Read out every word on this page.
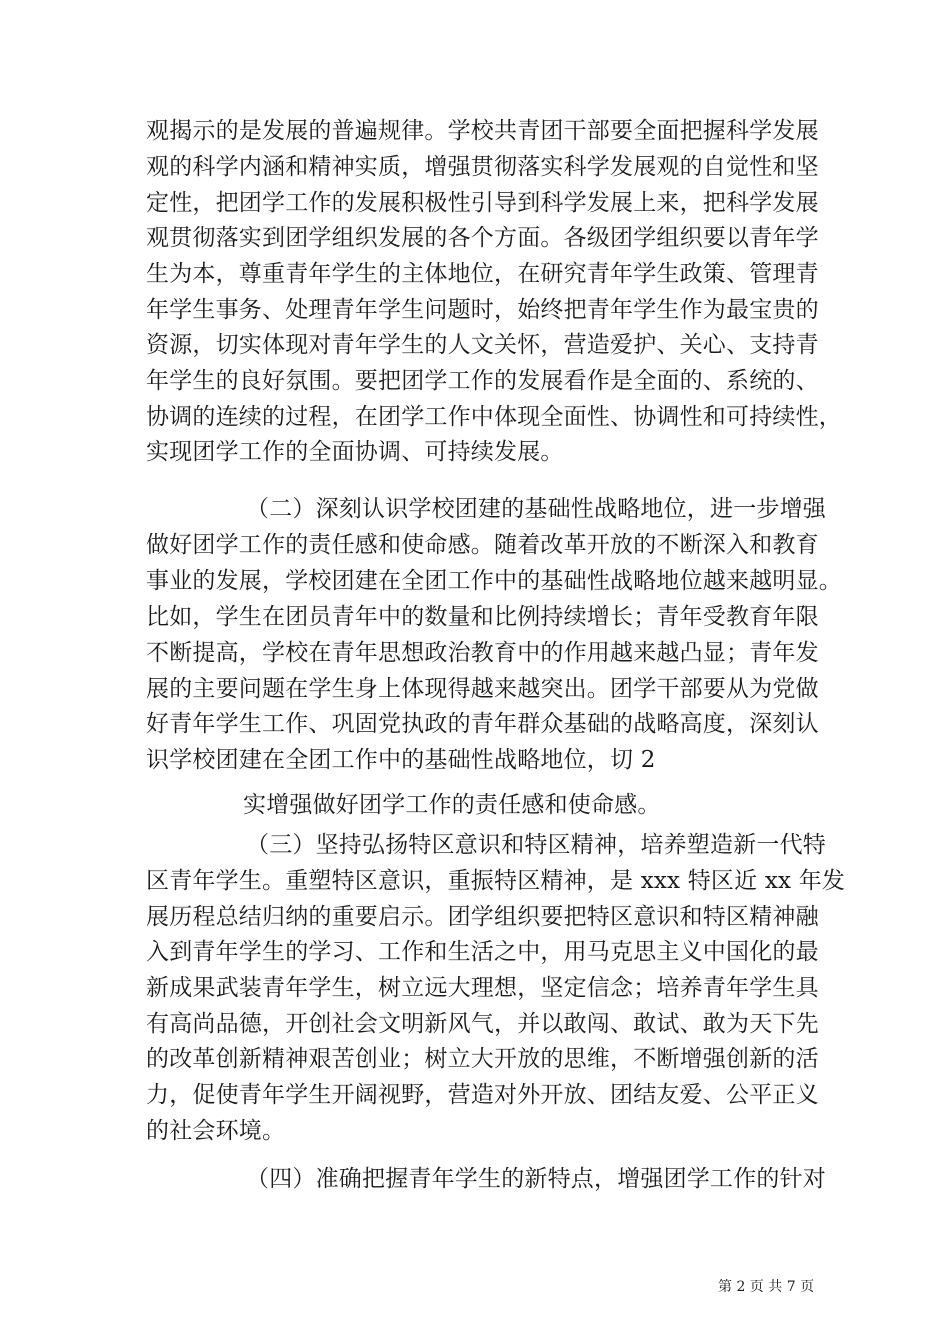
观揭示的是发展的普遍规律。学校共青团干部要全面把握科学发展
观的科学内涵和精神实质，增强贯彻落实科学发展观的自觉性和坚
定性，把团学工作的发展积极性引导到科学发展上来，把科学发展
观贯彻落实到团学组织发展的各个方面。各级团学组织要以青年学
生为本，尊重青年学生的主体地位，在研究青年学生政策、管理青
年学生事务、处理青年学生问题时，始终把青年学生作为最宝贵的
资源，切实体现对青年学生的人文关怀，营造爱护、关心、支持青
年学生的良好氛围。要把团学工作的发展看作是全面的、系统的、
协调的连续的过程，在团学工作中体现全面性、协调性和可持续性，
实现团学工作的全面协调、可持续发展。
（二）深刻认识学校团建的基础性战略地位，进一步增强
做好团学工作的责任感和使命感。随着改革开放的不断深入和教育
事业的发展，学校团建在全团工作中的基础性战略地位越来越明显。
比如，学生在团员青年中的数量和比例持续增长；青年受教育年限
不断提高，学校在青年思想政治教育中的作用越来越凸显；青年发
展的主要问题在学生身上体现得越来越突出。团学干部要从为党做
好青年学生工作、巩固党执政的青年群众基础的战略高度，深刻认
识学校团建在全团工作中的基础性战略地位，切 2
实增强做好团学工作的责任感和使命感。
（三）坚持弘扬特区意识和特区精神，培养塑造新一代特
区青年学生。重塑特区意识，重振特区精神，是 xxx 特区近 xx 年发
展历程总结归纳的重要启示。团学组织要把特区意识和特区精神融
入到青年学生的学习、工作和生活之中，用马克思主义中国化的最
新成果武装青年学生，树立远大理想，坚定信念；培养青年学生具
有高尚品德，开创社会文明新风气，并以敢闯、敢试、敢为天下先
的改革创新精神艰苦创业；树立大开放的思维，不断增强创新的活
力，促使青年学生开阔视野，营造对外开放、团结友爱、公平正义
的社会环境。
（四）准确把握青年学生的新特点，增强团学工作的针对
第 2 页 共 7 页
